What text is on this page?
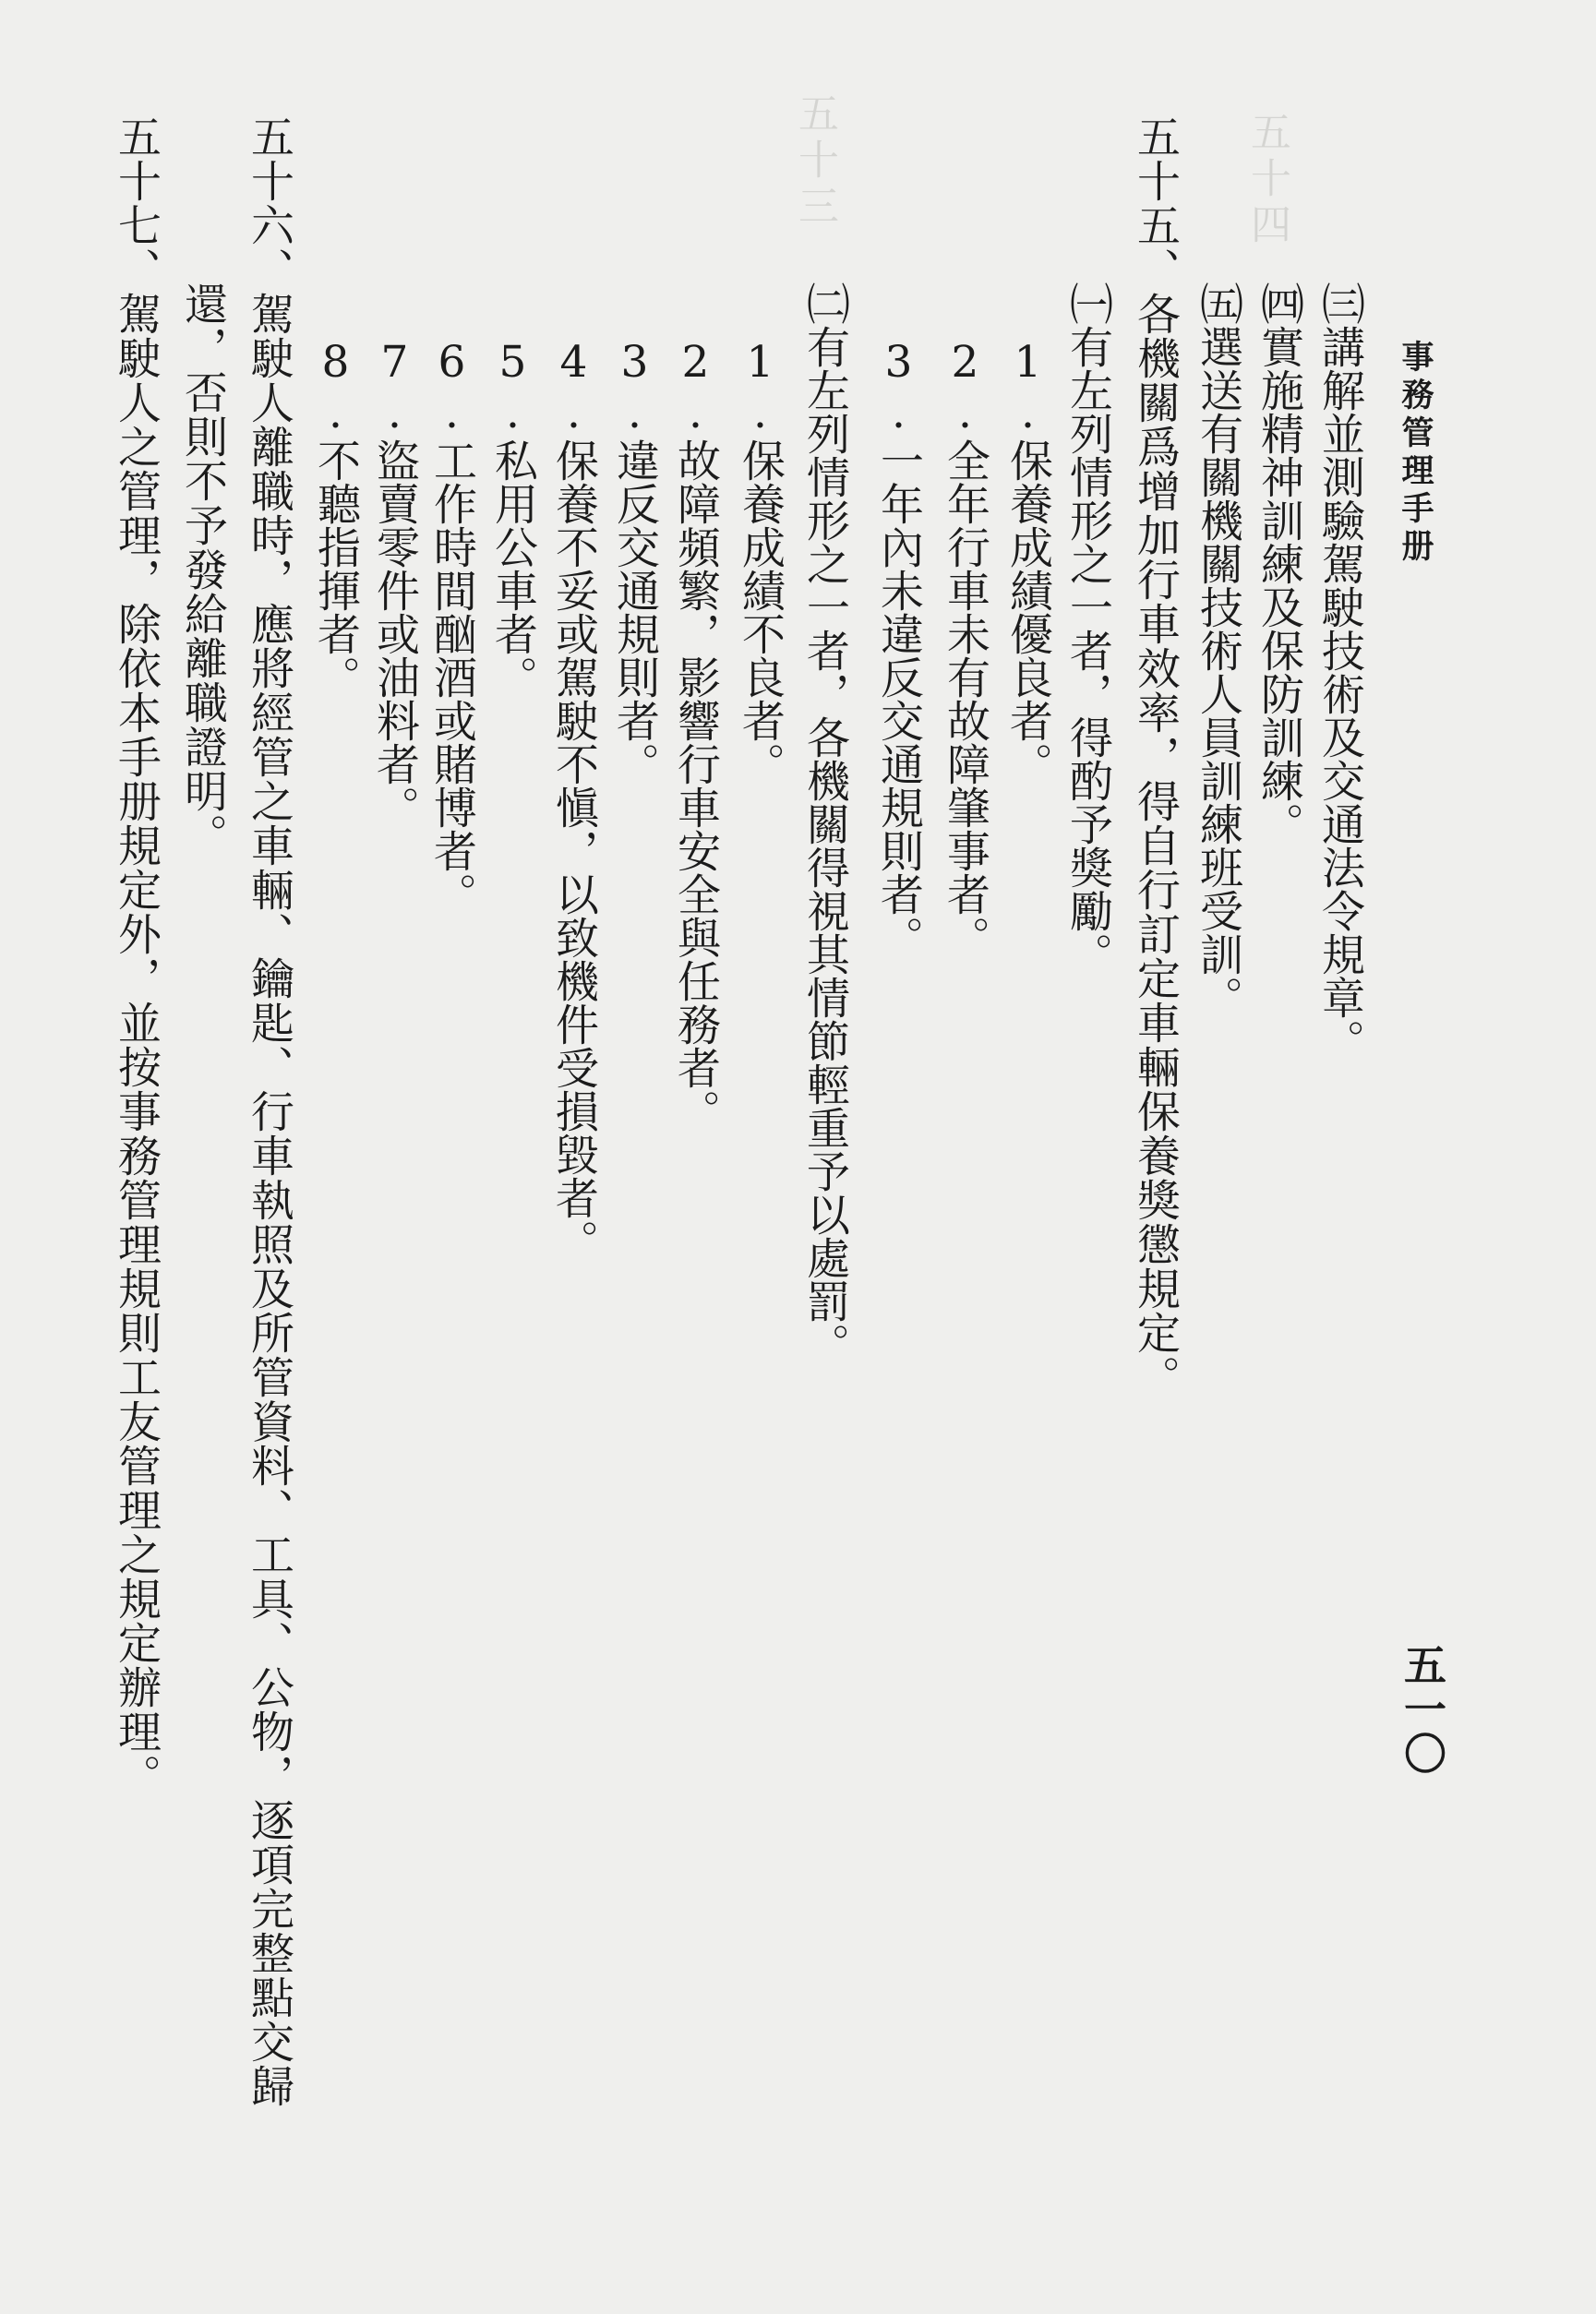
五十三	五十四
事務管理手册
五一〇
㈢講解並測驗駕駛技術及交通法令規章。
㈣實施精神訓練及保防訓練。
㈤選送有關機關技術人員訓練班受訓。
五十五、各機關爲增加行車效率，得自行訂定車輛保養獎懲規定。
㈠有左列情形之一者，得酌予獎勵。
1.保養成績優良者。
2.全年行車未有故障肇事者。
3.一年內未違反交通規則者。
㈡有左列情形之一者，各機關得視其情節輕重予以處罰。
1.保養成績不良者。
2.故障頻繁，影響行車安全與任務者。
3.違反交通規則者。
4.保養不妥或駕駛不愼，以致機件受損毀者。
5.私用公車者。
6.工作時間酗酒或賭博者。
7.盜賣零件或油料者。
8.不聽指揮者。
五十六、駕駛人離職時，應將經管之車輛、鑰匙、行車執照及所管資料、工具、公物，逐項完整點交歸
還，否則不予發給離職證明。
五十七、駕駛人之管理，除依本手册規定外，並按事務管理規則工友管理之規定辦理。
